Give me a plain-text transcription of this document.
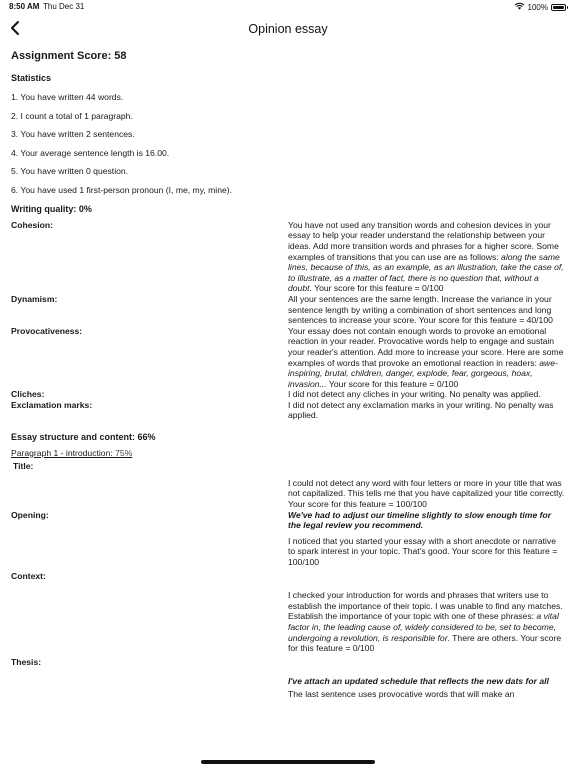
8:50 AM Thu Dec 31	100%
Opinion essay
Assignment Score: 58
Statistics
1. You have written 44 words.
2. I count a total of 1 paragraph.
3. You have written 2 sentences.
4. Your average sentence length is 16.00.
5. You have written 0 question.
6. You have used 1 first-person pronoun (I, me, my, mine).
Writing quality: 0%
Cohesion:	You have not used any transition words and cohesion devices in your essay to help your reader understand the relationship between your ideas. Add more transition words and phrases for a higher score. Some examples of transitions that you can use are as follows: along the same lines, because of this, as an example, as an illustration, take the case of, to illustrate, as a matter of fact, there is no question that, without a doubt. Your score for this feature = 0/100
Dynamism:	All your sentences are the same length. Increase the variance in your sentence length by writing a combination of short sentences and long sentences to increase your score. Your score for this feature = 40/100
Provocativeness:	Your essay does not contain enough words to provoke an emotional reaction in your reader. Provocative words help to engage and sustain your reader's attention. Add more to increase your score. Here are some examples of words that provoke an emotional reaction in readers: awe-inspiring, brutal, children, danger, explode, fear, gorgeous, hoax, invasion... Your score for this feature = 0/100
Cliches:	I did not detect any cliches in your writing. No penalty was applied.
Exclamation marks:	I did not detect any exclamation marks in your writing. No penalty was applied.
Essay structure and content: 66%
Paragraph 1 - introduction: 75%
Title:
I could not detect any word with four letters or more in your title that was not capitalized. This tells me that you have capitalized your title correctly. Your score for this feature = 100/100
Opening:	We've had to adjust our timeline slightly to slow enough time for the legal review you recommend.
I noticed that you started your essay with a short anecdote or narrative to spark interest in your topic. That's good. Your score for this feature = 100/100
Context:
I checked your introduction for words and phrases that writers use to establish the importance of their topic. I was unable to find any matches. Establish the importance of your topic with one of these phrases: a vital factor in, the leading cause of, widely considered to be, set to become, undergoing a revolution, is responsible for. There are others. Your score for this feature = 0/100
Thesis:
I've attach an updated schedule that reflects the new dats for all
The last sentence uses provocative words that will make an
